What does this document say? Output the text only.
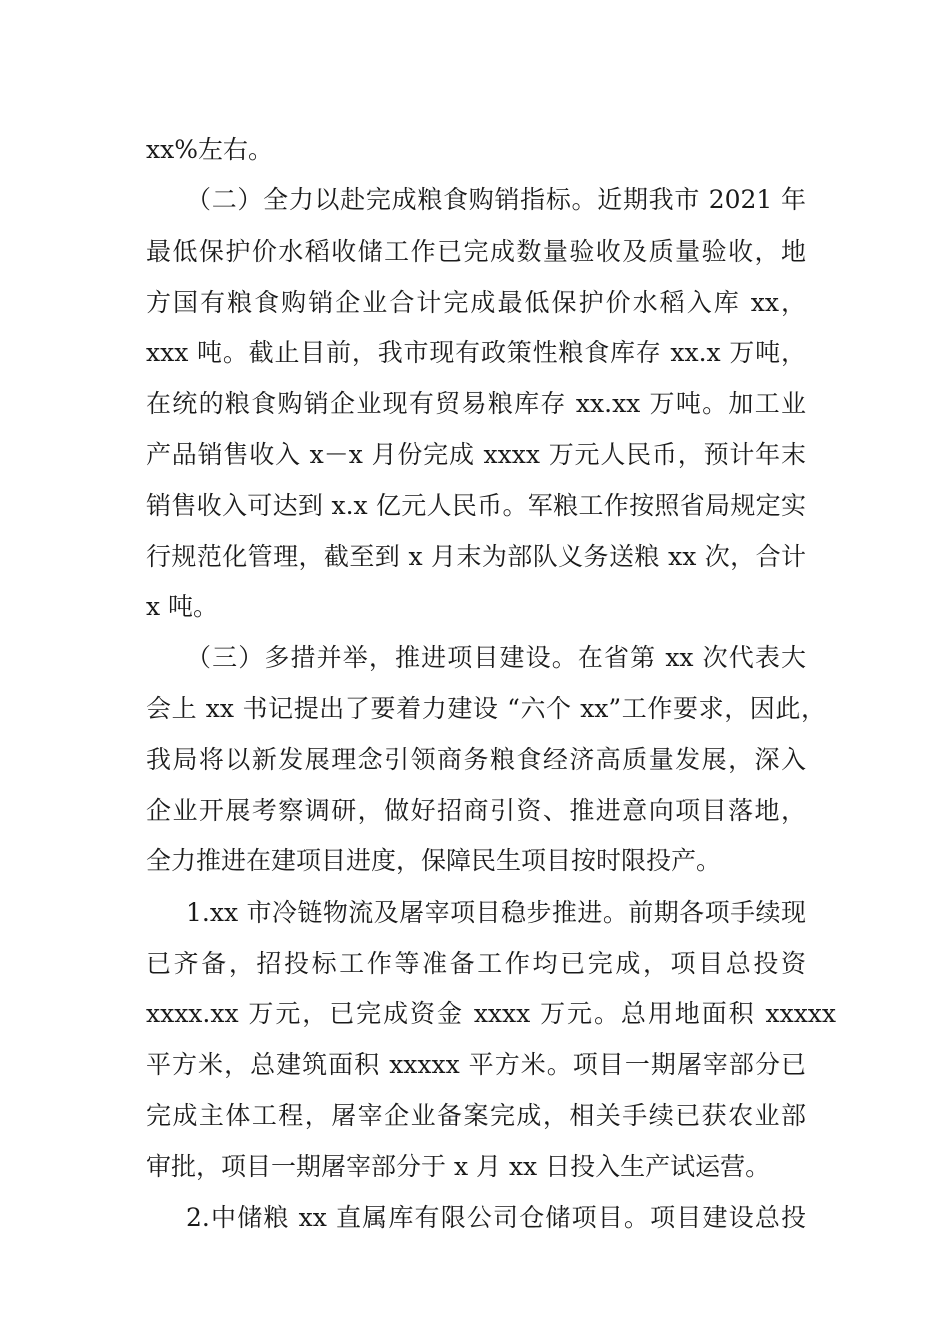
xx%左右。
（二）全力以赴完成粮食购销指标。近期我市 2021 年
最低保护价水稻收储工作已完成数量验收及质量验收，地
方国有粮食购销企业合计完成最低保护价水稻入库 xx，
xxx 吨。截止目前，我市现有政策性粮食库存 xx.x 万吨，
在统的粮食购销企业现有贸易粮库存 xx.xx 万吨。加工业
产品销售收入 x－x 月份完成 xxxx 万元人民币，预计年末
销售收入可达到 x.x 亿元人民币。军粮工作按照省局规定实
行规范化管理，截至到 x 月末为部队义务送粮 xx 次，合计
x 吨。
（三）多措并举，推进项目建设。在省第 xx 次代表大
会上 xx 书记提出了要着力建设 “六个 xx”工作要求，因此，
我局将以新发展理念引领商务粮食经济高质量发展，深入
企业开展考察调研，做好招商引资、推进意向项目落地，
全力推进在建项目进度，保障民生项目按时限投产。
1.xx 市冷链物流及屠宰项目稳步推进。前期各项手续现
已齐备，招投标工作等准备工作均已完成，项目总投资
xxxx.xx 万元，已完成资金 xxxx 万元。总用地面积 xxxxx
平方米，总建筑面积 xxxxx 平方米。项目一期屠宰部分已
完成主体工程，屠宰企业备案完成，相关手续已获农业部
审批，项目一期屠宰部分于 x 月 xx 日投入生产试运营。
2.中储粮 xx 直属库有限公司仓储项目。项目建设总投
